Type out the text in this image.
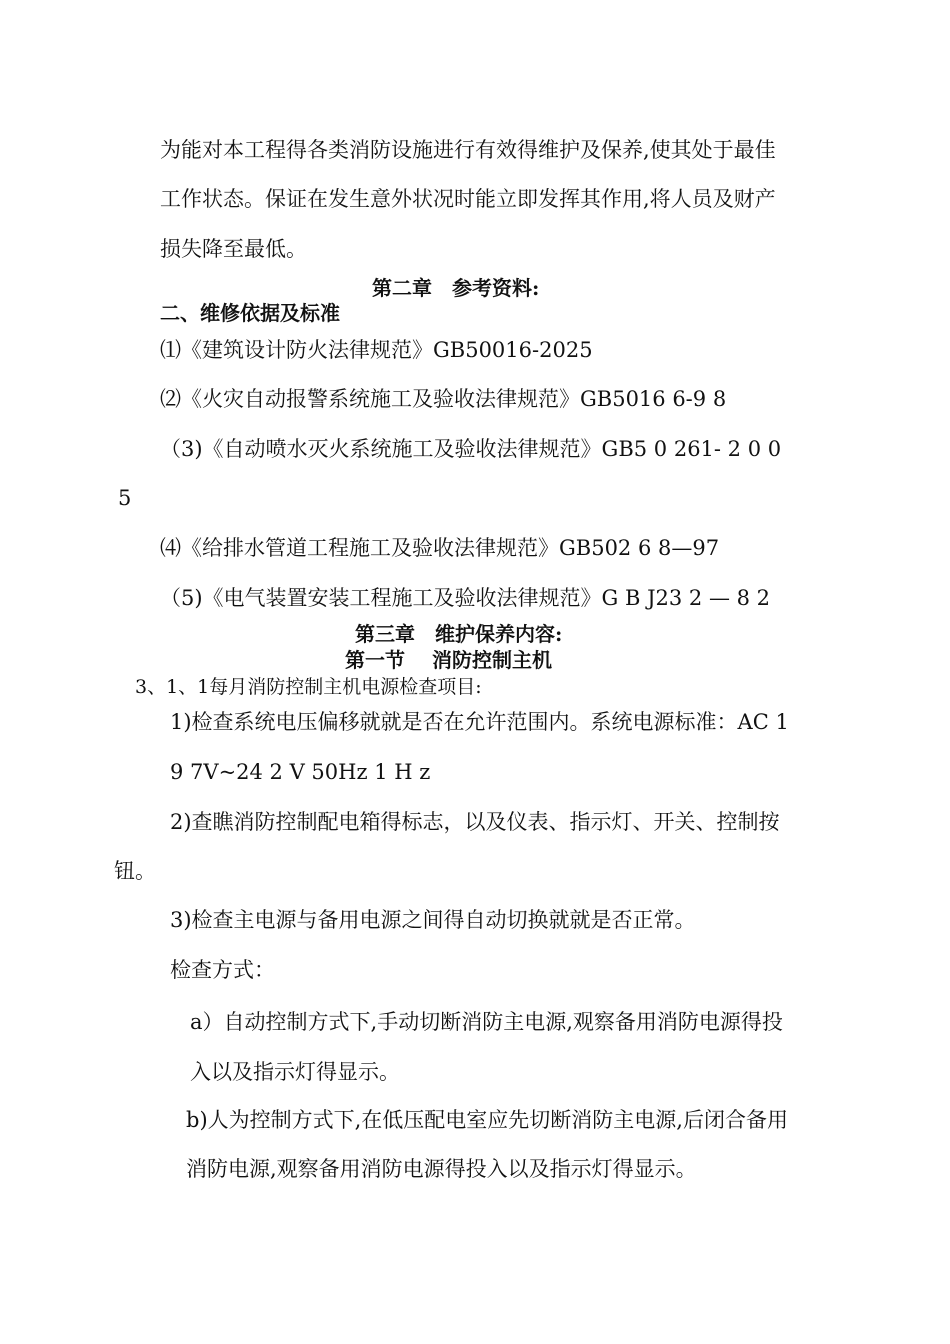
为能对本工程得各类消防设施进行有效得维护及保养,使其处于最佳
工作状态。保证在发生意外状况时能立即发挥其作用,将人员及财产
损失降至最低。
第二章　参考资料:
二、维修依据及标准
⑴《建筑设计防火法律规范》GB50016-2025
⑵《火灾自动报警系统施工及验收法律规范》GB5016 6-9 8
（3)《自动喷水灭火系统施工及验收法律规范》GB5 0 261- 2 0 0
5
⑷《给排水管道工程施工及验收法律规范》GB502 6 8—97
（5)《电气装置安装工程施工及验收法律规范》G B J23 2 — 8 2
第三章　维护保养内容:
第一节　 消防控制主机
3、1、1每月消防控制主机电源检查项目:
1)检查系统电压偏移就就是否在允许范围内。系统电源标准：AC 1
9 7V~24 2 V 50Hz 1 H z
2)查瞧消防控制配电箱得标志，以及仪表、指示灯、开关、控制按
钮。
3)检查主电源与备用电源之间得自动切换就就是否正常。
检查方式：
a）自动控制方式下,手动切断消防主电源,观察备用消防电源得投
入以及指示灯得显示。
b)人为控制方式下,在低压配电室应先切断消防主电源,后闭合备用
消防电源,观察备用消防电源得投入以及指示灯得显示。
